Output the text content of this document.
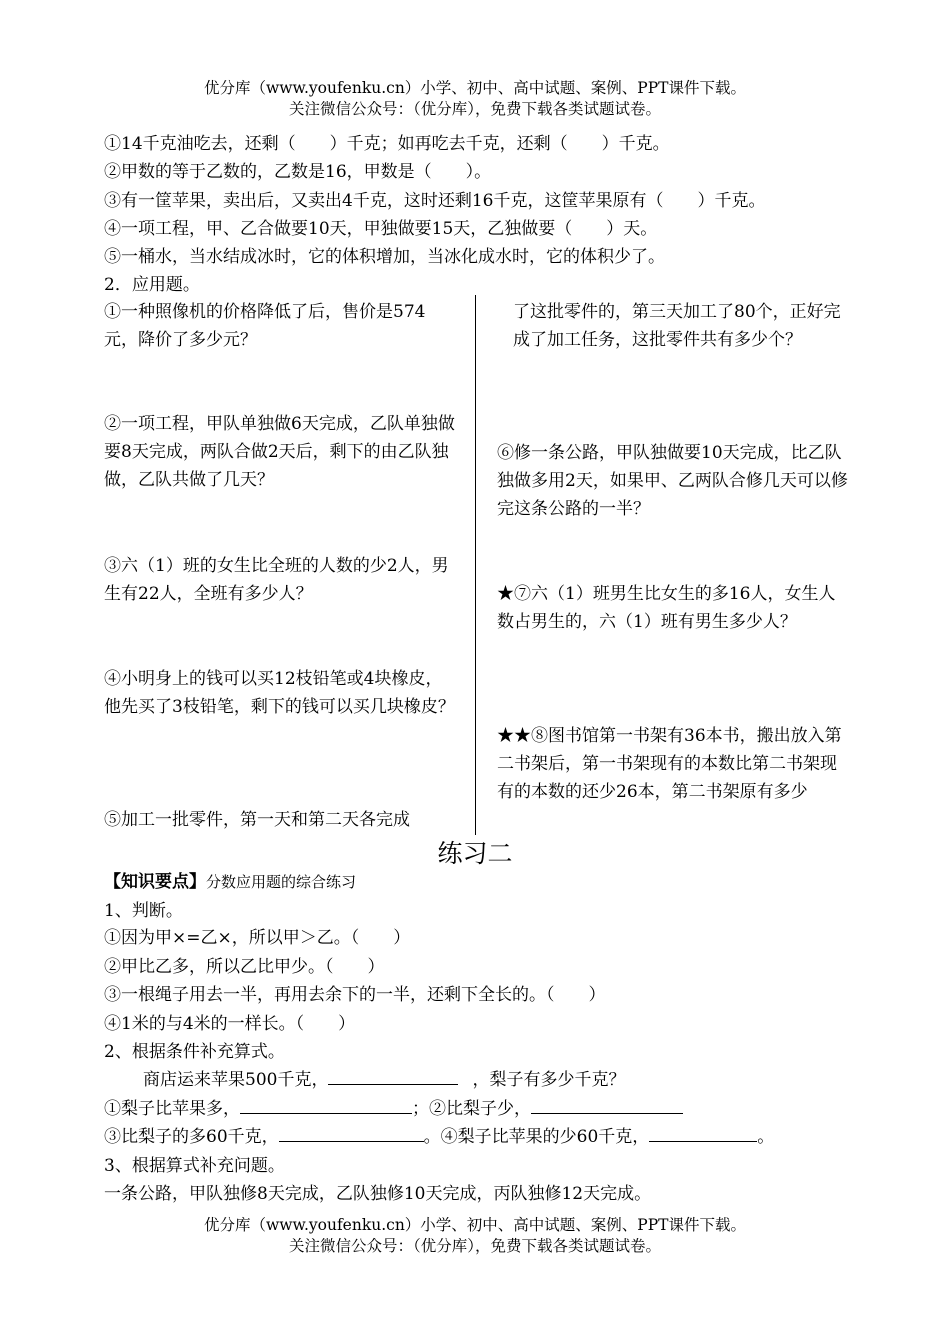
优分库（www.youfenku.cn）小学、初中、高中试题、案例、PPT课件下载。
关注微信公众号：（优分库），免费下载各类试题试卷。
①14千克油吃去，还剩（　　）千克；如再吃去千克，还剩（　　）千克。
②甲数的等于乙数的，乙数是16，甲数是（　　）。
③有一筐苹果，卖出后，又卖出4千克，这时还剩16千克，这筐苹果原有（　　）千克。
④一项工程，甲、乙合做要10天，甲独做要15天，乙独做要（　　）天。
⑤一桶水，当水结成冰时，它的体积增加，当冰化成水时，它的体积少了。
2．应用题。

①一种照像机的价格降低了后，售价是574元，降价了多少元？

②一项工程，甲队单独做6天完成，乙队单独做要8天完成，两队合做2天后，剩下的由乙队独做，乙队共做了几天？

③六（1）班的女生比全班的人数的少2人，男生有22人，全班有多少人？

④小明身上的钱可以买12枝铅笔或4块橡皮，他先买了3枝铅笔，剩下的钱可以买几块橡皮？

⑤加工一批零件，第一天和第二天各完成

了这批零件的，第三天加工了80个，正好完成了加工任务，这批零件共有多少个？

⑥修一条公路，甲队独做要10天完成，比乙队独做多用2天，如果甲、乙两队合修几天可以修完这条公路的一半？

★⑦六（1）班男生比女生的多16人，女生人数占男生的，六（1）班有男生多少人？

★★⑧图书馆第一书架有36本书，搬出放入第二书架后，第一书架现有的本数比第二书架现有的本数的还少26本，第二书架原有多少

练习二
【知识要点】分数应用题的综合练习
1、判断。
①因为甲×=乙×，所以甲＞乙。（　　）
②甲比乙多，所以乙比甲少。（　　）
③一根绳子用去一半，再用去余下的一半，还剩下全长的。（　　）
④1米的与4米的一样长。（　　）
2、根据条件补充算式。
商店运来苹果500千克，	，梨子有多少千克？
①梨子比苹果多，	；②比梨子少，
③比梨子的多60千克，	。④梨子比苹果的少60千克，	。
3、根据算式补充问题。
一条公路，甲队独修8天完成，乙队独修10天完成，丙队独修12天完成。
优分库（www.youfenku.cn）小学、初中、高中试题、案例、PPT课件下载。
关注微信公众号：（优分库），免费下载各类试题试卷。
